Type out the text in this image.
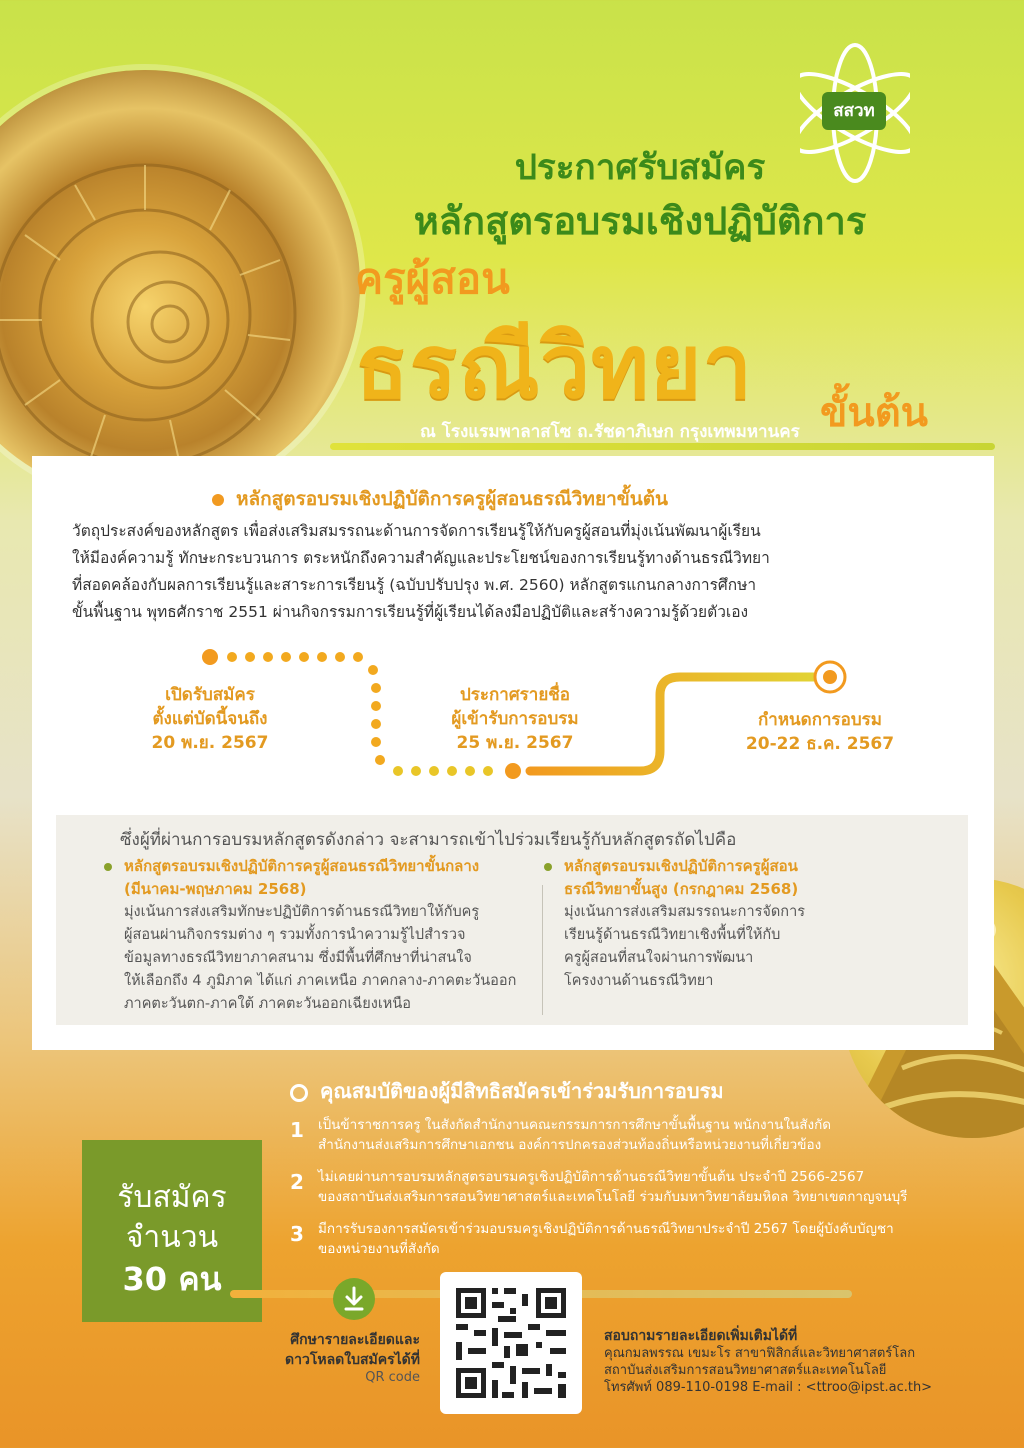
สสวท
ประกาศรับสมัคร
หลักสูตรอบรมเชิงปฏิบัติการ
ครูผู้สอน
ธรณีวิทยา ขั้นต้น
ณ โรงแรมพาลาสโซ ถ.รัชดาภิเษก กรุงเทพมหานคร
หลักสูตรอบรมเชิงปฏิบัติการครูผู้สอนธรณีวิทยาขั้นต้น
วัตถุประสงค์ของหลักสูตร เพื่อส่งเสริมสมรรถนะด้านการจัดการเรียนรู้ให้กับครูผู้สอนที่มุ่งเน้นพัฒนาผู้เรียน
ให้มีองค์ความรู้ ทักษะกระบวนการ ตระหนักถึงความสำคัญและประโยชน์ของการเรียนรู้ทางด้านธรณีวิทยา
ที่สอดคล้องกับผลการเรียนรู้และสาระการเรียนรู้ (ฉบับปรับปรุง พ.ศ. 2560) หลักสูตรแกนกลางการศึกษา
ขั้นพื้นฐาน พุทธศักราช 2551 ผ่านกิจกรรมการเรียนรู้ที่ผู้เรียนได้ลงมือปฏิบัติและสร้างความรู้ด้วยตัวเอง
เปิดรับสมัคร
ตั้งแต่บัดนี้จนถึง
20 พ.ย. 2567
ประกาศรายชื่อ
ผู้เข้ารับการอบรม
25 พ.ย. 2567
กำหนดการอบรม
20-22 ธ.ค. 2567
ซึ่งผู้ที่ผ่านการอบรมหลักสูตรดังกล่าว จะสามารถเข้าไปร่วมเรียนรู้กับหลักสูตรถัดไปคือ
หลักสูตรอบรมเชิงปฏิบัติการครูผู้สอนธรณีวิทยาขั้นกลาง
(มีนาคม-พฤษภาคม 2568)
มุ่งเน้นการส่งเสริมทักษะปฏิบัติการด้านธรณีวิทยาให้กับครู
ผู้สอนผ่านกิจกรรมต่าง ๆ รวมทั้งการนำความรู้ไปสำรวจ
ข้อมูลทางธรณีวิทยาภาคสนาม ซึ่งมีพื้นที่ศึกษาที่น่าสนใจ
ให้เลือกถึง 4 ภูมิภาค ได้แก่ ภาคเหนือ ภาคกลาง-ภาคตะวันออก
ภาคตะวันตก-ภาคใต้ ภาคตะวันออกเฉียงเหนือ
หลักสูตรอบรมเชิงปฏิบัติการครูผู้สอน
ธรณีวิทยาขั้นสูง (กรกฎาคม 2568)
มุ่งเน้นการส่งเสริมสมรรถนะการจัดการ
เรียนรู้ด้านธรณีวิทยาเชิงพื้นที่ให้กับ
ครูผู้สอนที่สนใจผ่านการพัฒนา
โครงงานด้านธรณีวิทยา
คุณสมบัติของผู้มีสิทธิสมัครเข้าร่วมรับการอบรม
1 เป็นข้าราชการครู ในสังกัดสำนักงานคณะกรรมการการศึกษาขั้นพื้นฐาน พนักงานในสังกัด
สำนักงานส่งเสริมการศึกษาเอกชน องค์การปกครองส่วนท้องถิ่นหรือหน่วยงานที่เกี่ยวข้อง
2 ไม่เคยผ่านการอบรมหลักสูตรอบรมครูเชิงปฏิบัติการด้านธรณีวิทยาขั้นต้น ประจำปี 2566-2567
ของสถาบันส่งเสริมการสอนวิทยาศาสตร์และเทคโนโลยี ร่วมกับมหาวิทยาลัยมหิดล วิทยาเขตกาญจนบุรี
3 มีการรับรองการสมัครเข้าร่วมอบรมครูเชิงปฏิบัติการด้านธรณีวิทยาประจำปี 2567 โดยผู้บังคับบัญชา
ของหน่วยงานที่สังกัด
รับสมัคร
จำนวน
30 คน
ศึกษารายละเอียดและ
ดาวโหลดใบสมัครได้ที่
QR code
สอบถามรายละเอียดเพิ่มเติมได้ที่
คุณกมลพรรณ เขมะโร สาขาฟิสิกส์และวิทยาศาสตร์โลก
สถาบันส่งเสริมการสอนวิทยาศาสตร์และเทคโนโลยี
โทรศัพท์ 089-110-0198 E-mail : <ttroo@ipst.ac.th>
